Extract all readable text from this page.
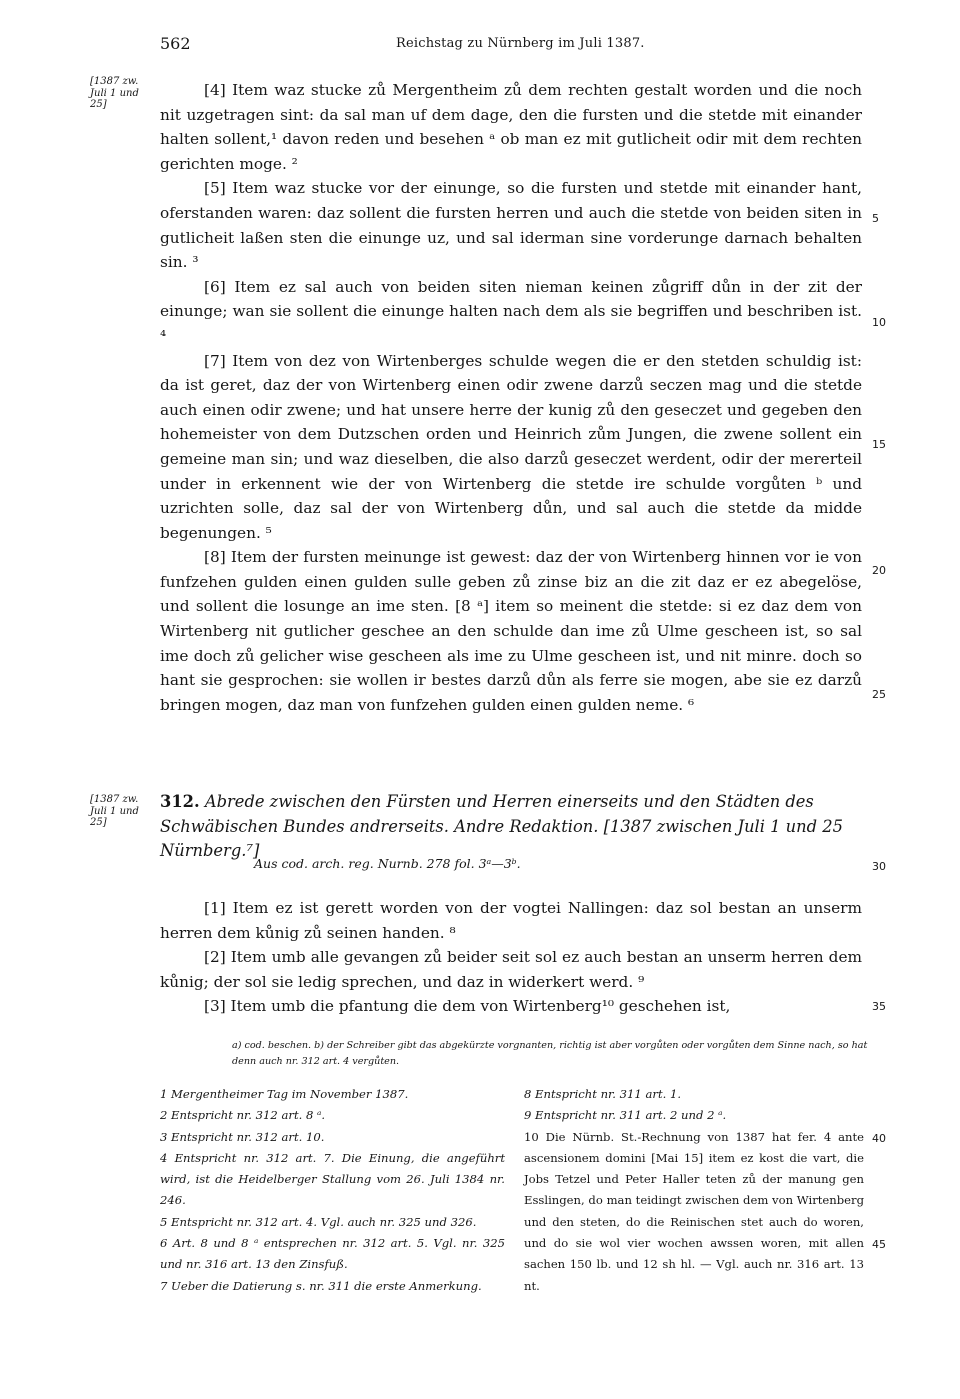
562	Reichstag zu Nürnberg im Juli 1387.
[1387 zw. Juli 1 und 25]

[4] Item waz stucke zů Mergentheim zů dem rechten gestalt worden und die noch nit uzgetragen sint: da sal man uf dem dage, den die fursten und die stetde mit einander halten sollent,¹ davon reden und besehen ᵃ ob man ez mit gutlicheit odir mit dem rechten gerichten moge. ²

[5] Item waz stucke vor der einunge, so die fursten und stetde mit einander hant, oferstanden waren: daz sollent die fursten herren und auch die stetde von beiden siten in gutlicheit laßen sten die einunge uz, und sal iderman sine vorderunge darnach behalten sin. ³

[6] Item ez sal auch von beiden siten nieman keinen zůgriff důn in der zit der einunge; wan sie sollent die einunge halten nach dem als sie begriffen und beschriben ist. ⁴

[7] Item von dez von Wirtenberges schulde wegen die er den stetden schuldig ist: da ist geret, daz der von Wirtenberg einen odir zwene darzů seczen mag und die stetde auch einen odir zwene; und hat unsere herre der kunig zů den geseczet und gegeben den hohemeister von dem Dutzschen orden und Heinrich zům Jungen, die zwene sollent ein gemeine man sin; und waz dieselben, die also darzů geseczet werdent, odir der mererteil under in erkennent wie der von Wirtenberg die stetde ire schulde vorgůten ᵇ und uzrichten solle, daz sal der von Wirtenberg důn, und sal auch die stetde da midde begenungen. ⁵

[8] Item der fursten meinunge ist gewest: daz der von Wirtenberg hinnen vor ie von funfzehen gulden einen gulden sulle geben zů zinse biz an die zit daz er ez abegelöse, und sollent die losunge an ime sten. [8 ᵃ] item so meinent die stetde: si ez daz dem von Wirtenberg nit gutlicher geschee an den schulde dan ime zů Ulme gescheen ist, so sal ime doch zů gelicher wise gescheen als ime zu Ulme gescheen ist, und nit minre. doch so hant sie gesprochen: sie wollen ir bestes darzů důn als ferre sie mogen, abe sie ez darzů bringen mogen, daz man von funfzehen gulden einen gulden neme. ⁶

5
10
15
20
25
30
35
40
45
[1387 zw. Juli 1 und 25]
312. Abrede zwischen den Fürsten und Herren einerseits und den Städten des Schwäbischen Bundes andrerseits. Andre Redaktion. [1387 zwischen Juli 1 und 25 Nürnberg.⁷]
Aus cod. arch. reg. Nurnb. 278 fol. 3ᵃ—3ᵇ.

[1] Item ez ist gerett worden von der vogtei Nallingen: daz sol bestan an unserm herren dem kůnig zů seinen handen. ⁸

[2] Item umb alle gevangen zů beider seit sol ez auch bestan an unserm herren dem kůnig; der sol sie ledig sprechen, und daz in widerkert werd. ⁹

[3] Item umb die pfantung die dem von Wirtenberg¹⁰ geschehen ist,

a) cod. beschen. b) der Schreiber gibt das abgekürzte vorgnanten, richtig ist aber vorgůten oder vorgůten dem Sinne nach, so hat denn auch nr. 312 art. 4 vergůten.

1 Mergentheimer Tag im November 1387.

2 Entspricht nr. 312 art. 8 ᵃ.

3 Entspricht nr. 312 art. 10.

4 Entspricht nr. 312 art. 7. Die Einung, die angeführt wird, ist die Heidelberger Stallung vom 26. Juli 1384 nr. 246.

5 Entspricht nr. 312 art. 4. Vgl. auch nr. 325 und 326.

6 Art. 8 und 8 ᵃ entsprechen nr. 312 art. 5. Vgl. nr. 325 und nr. 316 art. 13 den Zinsfuß.

7 Ueber die Datierung s. nr. 311 die erste Anmerkung.

8 Entspricht nr. 311 art. 1.

9 Entspricht nr. 311 art. 2 und 2 ᵃ.

10 Die Nürnb. St.-Rechnung von 1387 hat fer. 4 ante ascensionem domini [Mai 15] item ez kost die vart, die Jobs Tetzel und Peter Haller teten zů der manung gen Esslingen, do man teidingt zwischen dem von Wirtenberg und den steten, do die Reinischen stet auch do woren, und do sie wol vier wochen awssen woren, mit allen sachen 150 lb. und 12 sh hl. — Vgl. auch nr. 316 art. 13 nt.
